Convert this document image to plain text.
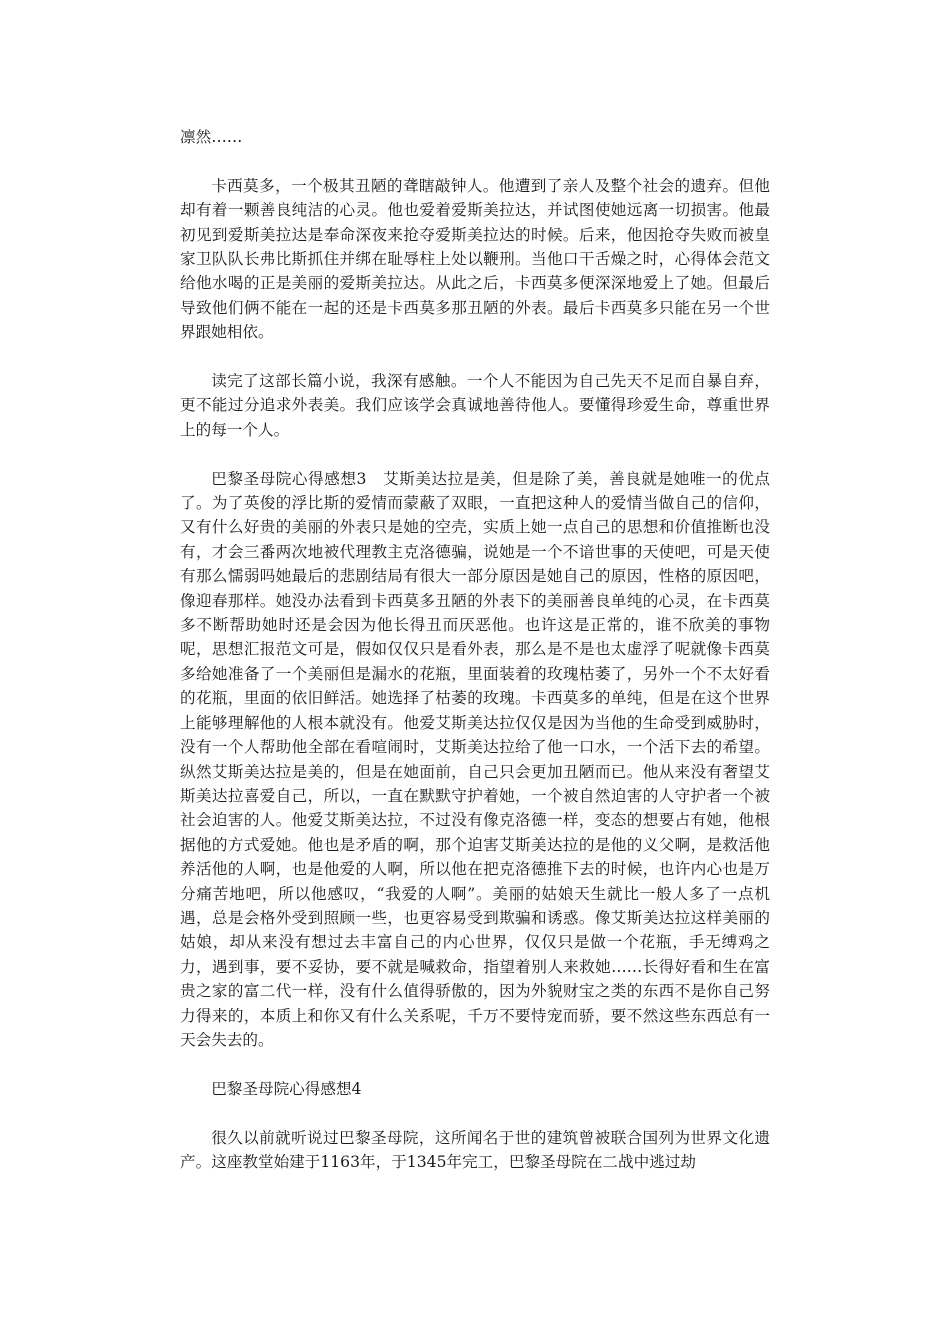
凛然……

卡西莫多，一个极其丑陋的聋瞎敲钟人。他遭到了亲人及整个社会的遗弃。但他却有着一颗善良纯洁的心灵。他也爱着爱斯美拉达，并试图使她远离一切损害。他最初见到爱斯美拉达是奉命深夜来抢夺爱斯美拉达的时候。后来，他因抢夺失败而被皇家卫队队长弗比斯抓住并绑在耻辱柱上处以鞭刑。当他口干舌燥之时，心得体会范文给他水喝的正是美丽的爱斯美拉达。从此之后，卡西莫多便深深地爱上了她。但最后导致他们俩不能在一起的还是卡西莫多那丑陋的外表。最后卡西莫多只能在另一个世界跟她相依。

读完了这部长篇小说，我深有感触。一个人不能因为自己先天不足而自暴自弃，更不能过分追求外表美。我们应该学会真诚地善待他人。要懂得珍爱生命，尊重世界上的每一个人。

巴黎圣母院心得感想3　艾斯美达拉是美，但是除了美，善良就是她唯一的优点了。为了英俊的浮比斯的爱情而蒙蔽了双眼，一直把这种人的爱情当做自己的信仰，又有什么好贵的美丽的外表只是她的空壳，实质上她一点自己的思想和价值推断也没有，才会三番两次地被代理教主克洛德骗，说她是一个不谙世事的天使吧，可是天使有那么懦弱吗她最后的悲剧结局有很大一部分原因是她自己的原因，性格的原因吧，像迎春那样。她没办法看到卡西莫多丑陋的外表下的美丽善良单纯的心灵，在卡西莫多不断帮助她时还是会因为他长得丑而厌恶他。也许这是正常的，谁不欣美的事物呢，思想汇报范文可是，假如仅仅只是看外表，那么是不是也太虚浮了呢就像卡西莫多给她准备了一个美丽但是漏水的花瓶，里面装着的玫瑰枯萎了，另外一个不太好看的花瓶，里面的依旧鲜活。她选择了枯萎的玫瑰。卡西莫多的单纯，但是在这个世界上能够理解他的人根本就没有。他爱艾斯美达拉仅仅是因为当他的生命受到威胁时，没有一个人帮助他全部在看喧闹时，艾斯美达拉给了他一口水，一个活下去的希望。纵然艾斯美达拉是美的，但是在她面前，自己只会更加丑陋而已。他从来没有奢望艾斯美达拉喜爱自己，所以，一直在默默守护着她，一个被自然迫害的人守护者一个被社会迫害的人。他爱艾斯美达拉，不过没有像克洛德一样，变态的想要占有她，他根据他的方式爱她。他也是矛盾的啊，那个迫害艾斯美达拉的是他的义父啊，是救活他养活他的人啊，也是他爱的人啊，所以他在把克洛德推下去的时候，也许内心也是万分痛苦地吧，所以他感叹，“我爱的人啊”。美丽的姑娘天生就比一般人多了一点机遇，总是会格外受到照顾一些，也更容易受到欺骗和诱惑。像艾斯美达拉这样美丽的姑娘，却从来没有想过去丰富自己的内心世界，仅仅只是做一个花瓶，手无缚鸡之力，遇到事，要不妥协，要不就是喊救命，指望着别人来救她……长得好看和生在富贵之家的富二代一样，没有什么值得骄傲的，因为外貌财宝之类的东西不是你自己努力得来的，本质上和你又有什么关系呢，千万不要恃宠而骄，要不然这些东西总有一天会失去的。

巴黎圣母院心得感想4

很久以前就听说过巴黎圣母院，这所闻名于世的建筑曾被联合国列为世界文化遗产。这座教堂始建于1163年，于1345年完工，巴黎圣母院在二战中逃过劫
